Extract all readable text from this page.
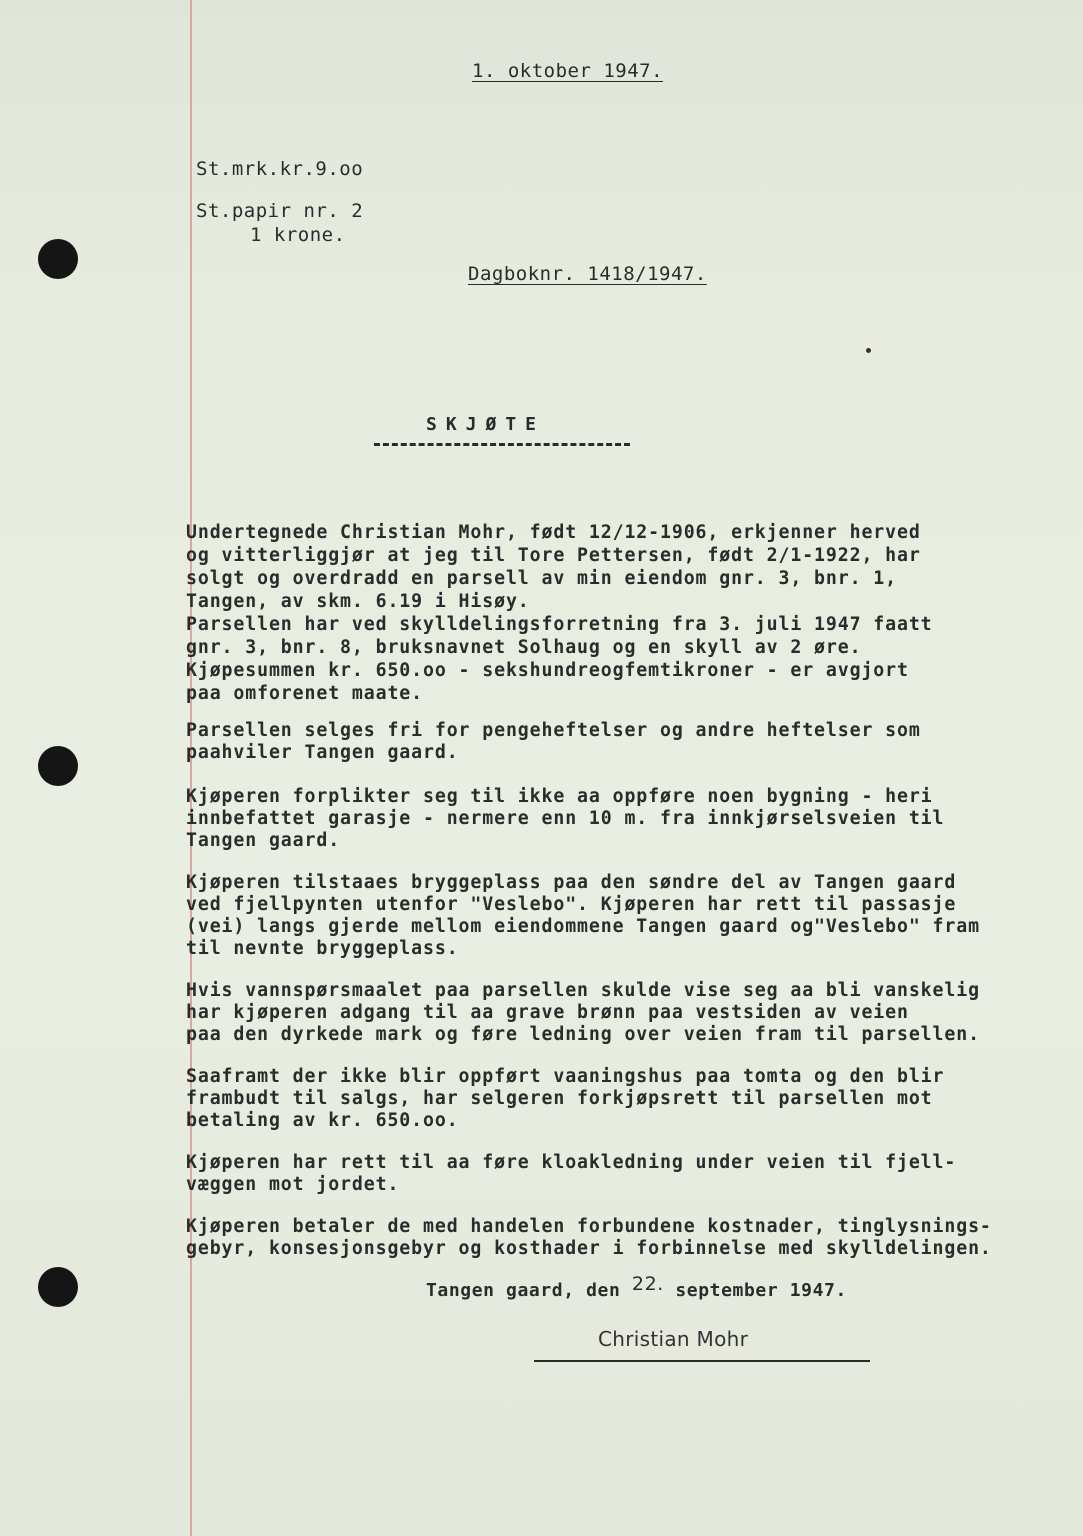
1. oktober 1947.
St.mrk.kr.9.oo
St.papir nr. 2
1 krone.
Dagboknr. 1418/1947.
SKJØTE
Undertegnede Christian Mohr, født 12/12-1906, erkjenner herved
og vitterliggjør at jeg til Tore Pettersen, født 2/1-1922, har
solgt og overdradd en parsell av min eiendom gnr. 3, bnr. 1,
Tangen, av skm. 6.19 i Hisøy.
Parsellen har ved skylldelingsforretning fra 3. juli 1947 faatt
gnr. 3, bnr. 8, bruksnavnet Solhaug og en skyll av 2 øre.
Kjøpesummen kr. 650.oo - sekshundreogfemtikroner - er avgjort
paa omforenet maate.
Parsellen selges fri for pengeheftelser og andre heftelser som
paahviler Tangen gaard.
Kjøperen forplikter seg til ikke aa oppføre noen bygning - heri
innbefattet garasje - nermere enn 10 m. fra innkjørselsveien til
Tangen gaard.
Kjøperen tilstaaes bryggeplass paa den søndre del av Tangen gaard
ved fjellpynten utenfor "Veslebo". Kjøperen har rett til passasje
(vei) langs gjerde mellom eiendommene Tangen gaard og"Veslebo" fram
til nevnte bryggeplass.
Hvis vannspørsmaalet paa parsellen skulde vise seg aa bli vanskelig
har kjøperen adgang til aa grave brønn paa vestsiden av veien
paa den dyrkede mark og føre ledning over veien fram til parsellen.
Saaframt der ikke blir oppført vaaningshus paa tomta og den blir
frambudt til salgs, har selgeren forkjøpsrett til parsellen mot
betaling av kr. 650.oo.
Kjøperen har rett til aa føre kloakledning under veien til fjell-
væggen mot jordet.
Kjøperen betaler de med handelen forbundene kostnader, tinglysnings-
gebyr, konsesjonsgebyr og kosthader i forbinnelse med skylldelingen.
Tangen gaard, den 22. september 1947.
Christian Mohr
